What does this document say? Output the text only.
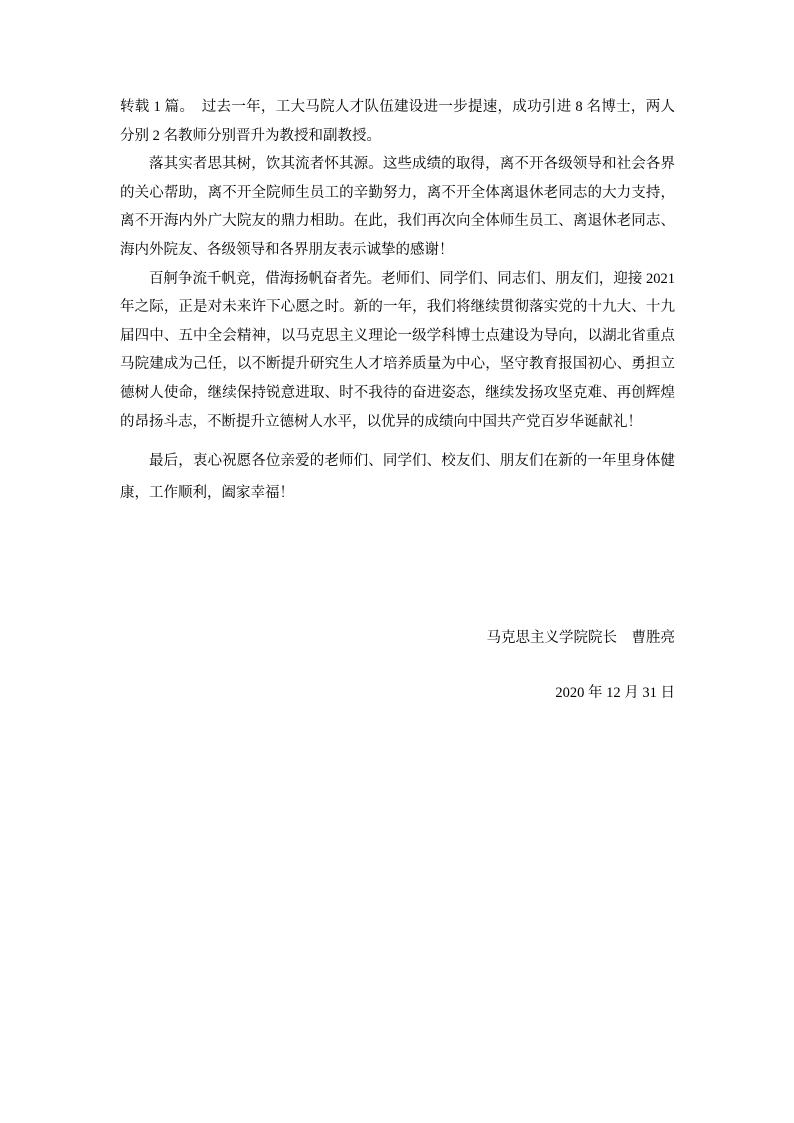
转载 1 篇。　过去一年，工大马院人才队伍建设进一步提速，成功引进 8 名博士，两人分别 2 名教师分别晋升为教授和副教授。

落其实者思其树，饮其流者怀其源。这些成绩的取得，离不开各级领导和社会各界的关心帮助，离不开全院师生员工的辛勤努力，离不开全体离退休老同志的大力支持，离不开海内外广大院友的鼎力相助。在此，我们再次向全体师生员工、离退休老同志、海内外院友、各级领导和各界朋友表示诚挚的感谢！

百舸争流千帆竞，借海扬帆奋者先。老师们、同学们、同志们、朋友们，迎接 2021 年之际，正是对未来许下心愿之时。新的一年，我们将继续贯彻落实党的十九大、十九届四中、五中全会精神，以马克思主义理论一级学科博士点建设为导向，以湖北省重点马院建成为己任，以不断提升研究生人才培养质量为中心，坚守教育报国初心、勇担立德树人使命，继续保持锐意进取、时不我待的奋进姿态，继续发扬攻坚克难、再创辉煌的昂扬斗志，不断提升立德树人水平，以优异的成绩向中国共产党百岁华诞献礼！

最后，衷心祝愿各位亲爱的老师们、同学们、校友们、朋友们在新的一年里身体健康，工作顺利，阖家幸福！

马克思主义学院院长　曹胜亮

2020 年 12 月 31 日
